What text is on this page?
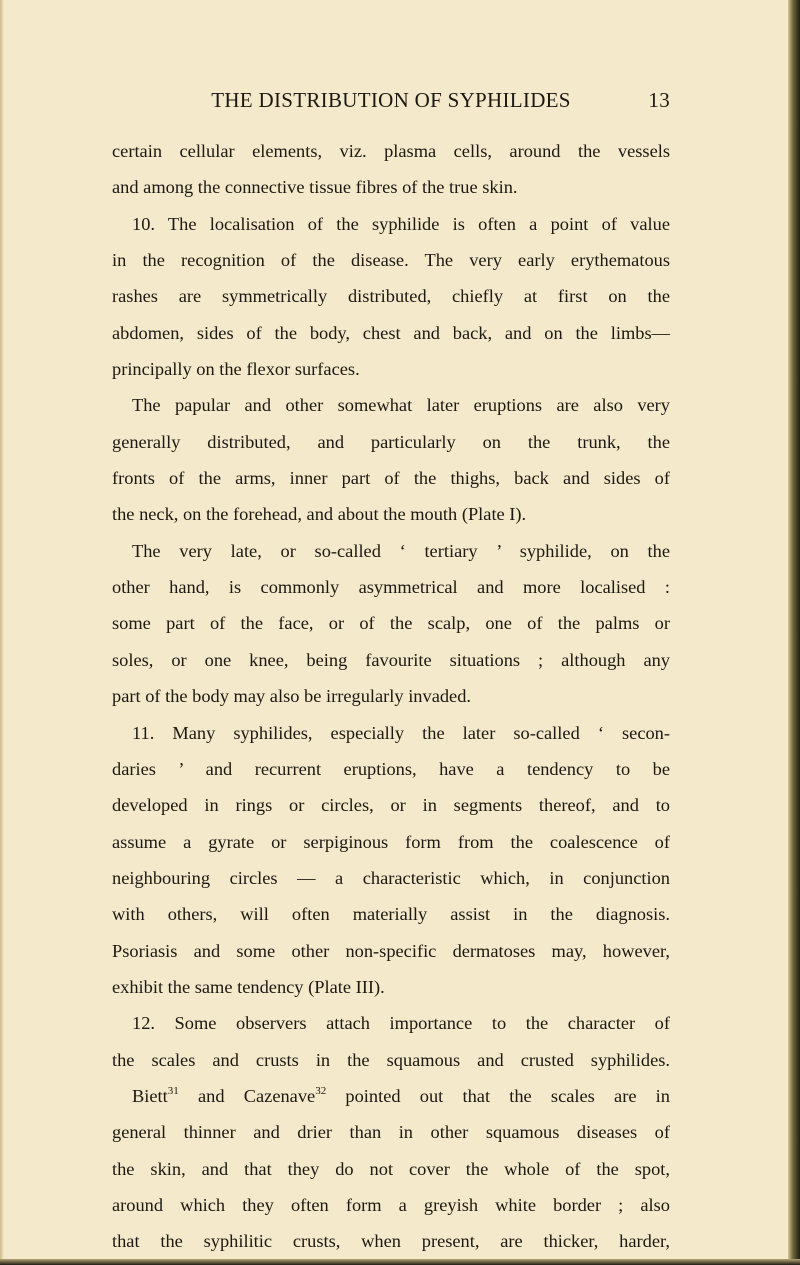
THE DISTRIBUTION OF SYPHILIDES	13
certain cellular elements, viz. plasma cells, around the vessels
and among the connective tissue fibres of the true skin.
10. The localisation of the syphilide is often a point of value
in the recognition of the disease. The very early erythematous
rashes are symmetrically distributed, chiefly at first on the
abdomen, sides of the body, chest and back, and on the limbs—
principally on the flexor surfaces.
The papular and other somewhat later eruptions are also very
generally distributed, and particularly on the trunk, the
fronts of the arms, inner part of the thighs, back and sides of
the neck, on the forehead, and about the mouth (Plate I).
The very late, or so-called ‘ tertiary ’ syphilide, on the
other hand, is commonly asymmetrical and more localised :
some part of the face, or of the scalp, one of the palms or
soles, or one knee, being favourite situations ; although any
part of the body may also be irregularly invaded.
11. Many syphilides, especially the later so-called ‘ secon-
daries ’ and recurrent eruptions, have a tendency to be
developed in rings or circles, or in segments thereof, and to
assume a gyrate or serpiginous form from the coalescence of
neighbouring circles — a characteristic which, in conjunction
with others, will often materially assist in the diagnosis.
Psoriasis and some other non-specific dermatoses may, however,
exhibit the same tendency (Plate III).
12. Some observers attach importance to the character of
the scales and crusts in the squamous and crusted syphilides.
Biett$^{31}$ and Cazenave$^{32}$ pointed out that the scales are in
general thinner and drier than in other squamous diseases of
the skin, and that they do not cover the whole of the spot,
around which they often form a greyish white border ; also
that the syphilitic crusts, when present, are thicker, harder,
